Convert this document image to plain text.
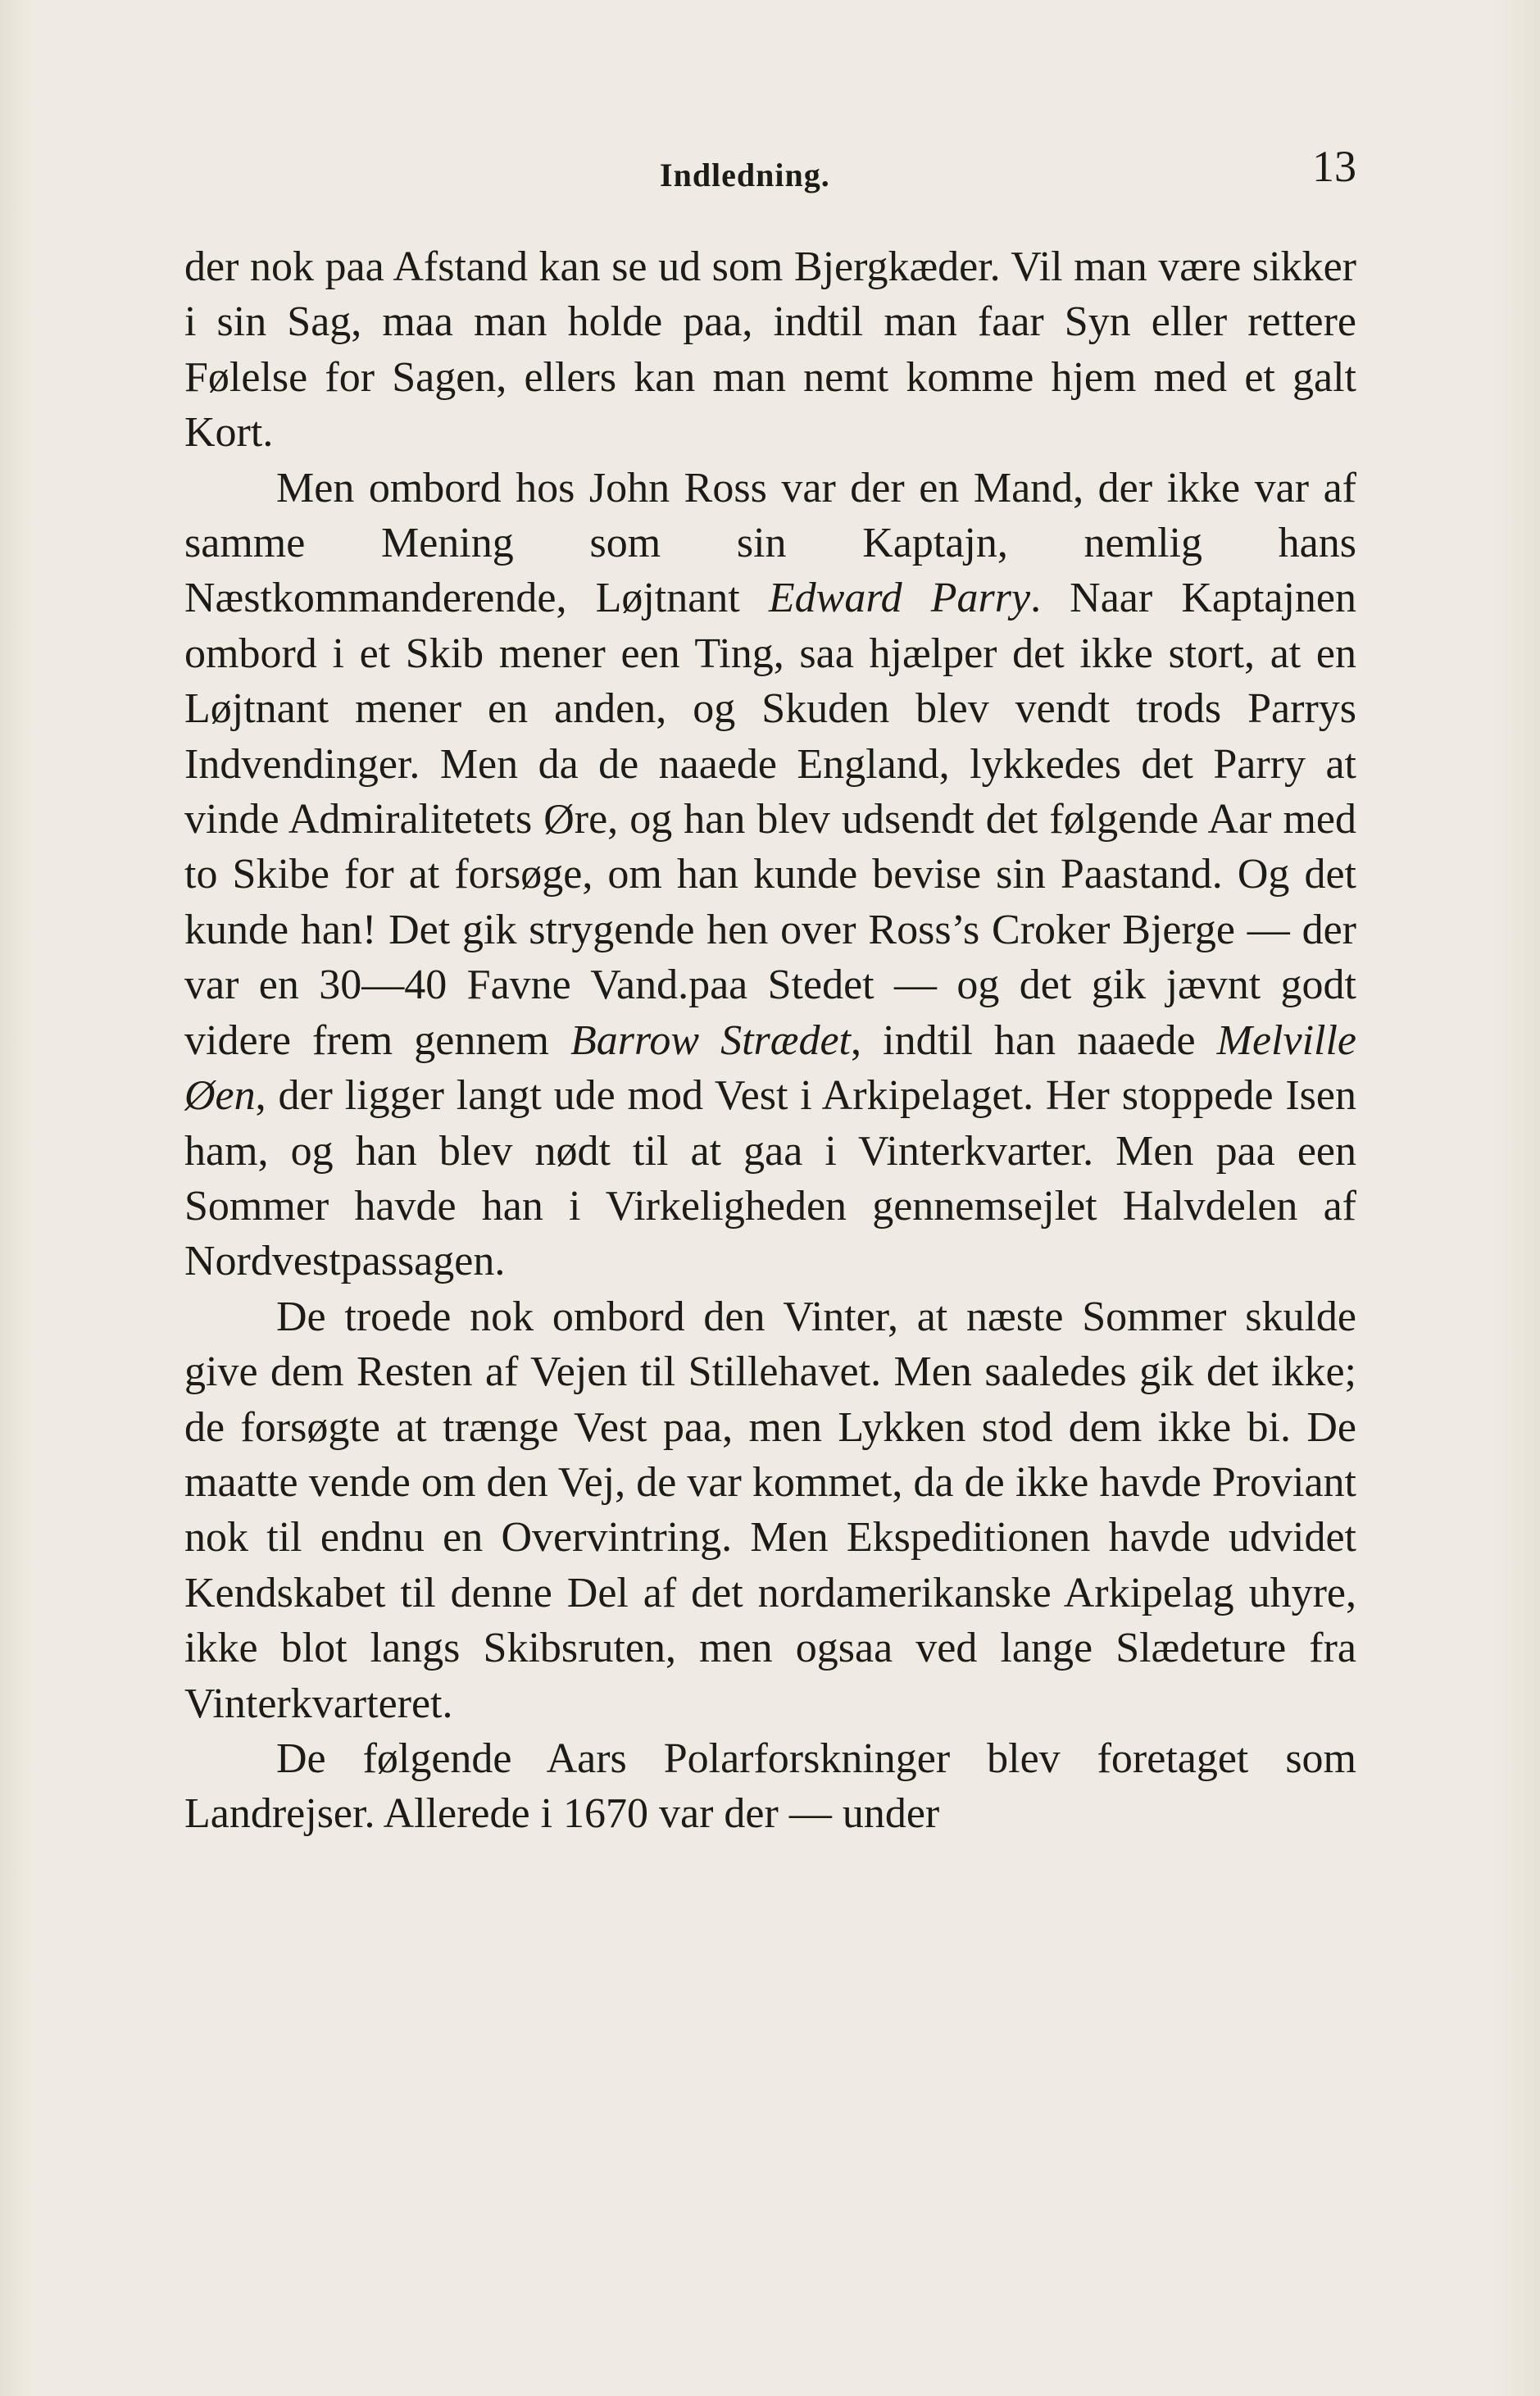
Indledning.	13

der nok paa Afstand kan se ud som Bjergkæder. Vil man være sikker i sin Sag, maa man holde paa, indtil man faar Syn eller rettere Følelse for Sagen, ellers kan man nemt komme hjem med et galt Kort.

Men ombord hos John Ross var der en Mand, der ikke var af samme Mening som sin Kaptajn, nemlig hans Næstkommanderende, Løjtnant Edward Parry. Naar Kaptajnen ombord i et Skib mener een Ting, saa hjælper det ikke stort, at en Løjtnant mener en anden, og Skuden blev vendt trods Parrys Indvendinger. Men da de naaede England, lykkedes det Parry at vinde Admiralitetets Øre, og han blev udsendt det følgende Aar med to Skibe for at forsøge, om han kunde bevise sin Paastand. Og det kunde han! Det gik strygende hen over Ross’s Croker Bjerge — der var en 30—40 Favne Vand.paa Stedet — og det gik jævnt godt videre frem gennem Barrow Strædet, indtil han naaede Melville Øen, der ligger langt ude mod Vest i Arkipelaget. Her stoppede Isen ham, og han blev nødt til at gaa i Vinterkvarter. Men paa een Sommer havde han i Virkeligheden gennemsejlet Halvdelen af Nordvestpassagen.

De troede nok ombord den Vinter, at næste Sommer skulde give dem Resten af Vejen til Stillehavet. Men saaledes gik det ikke; de forsøgte at trænge Vest paa, men Lykken stod dem ikke bi. De maatte vende om den Vej, de var kommet, da de ikke havde Proviant nok til endnu en Overvintring. Men Ekspeditionen havde udvidet Kendskabet til denne Del af det nordamerikanske Arkipelag uhyre, ikke blot langs Skibsruten, men ogsaa ved lange Slædeture fra Vinterkvarteret.

De følgende Aars Polarforskninger blev foretaget som Landrejser. Allerede i 1670 var der — under
